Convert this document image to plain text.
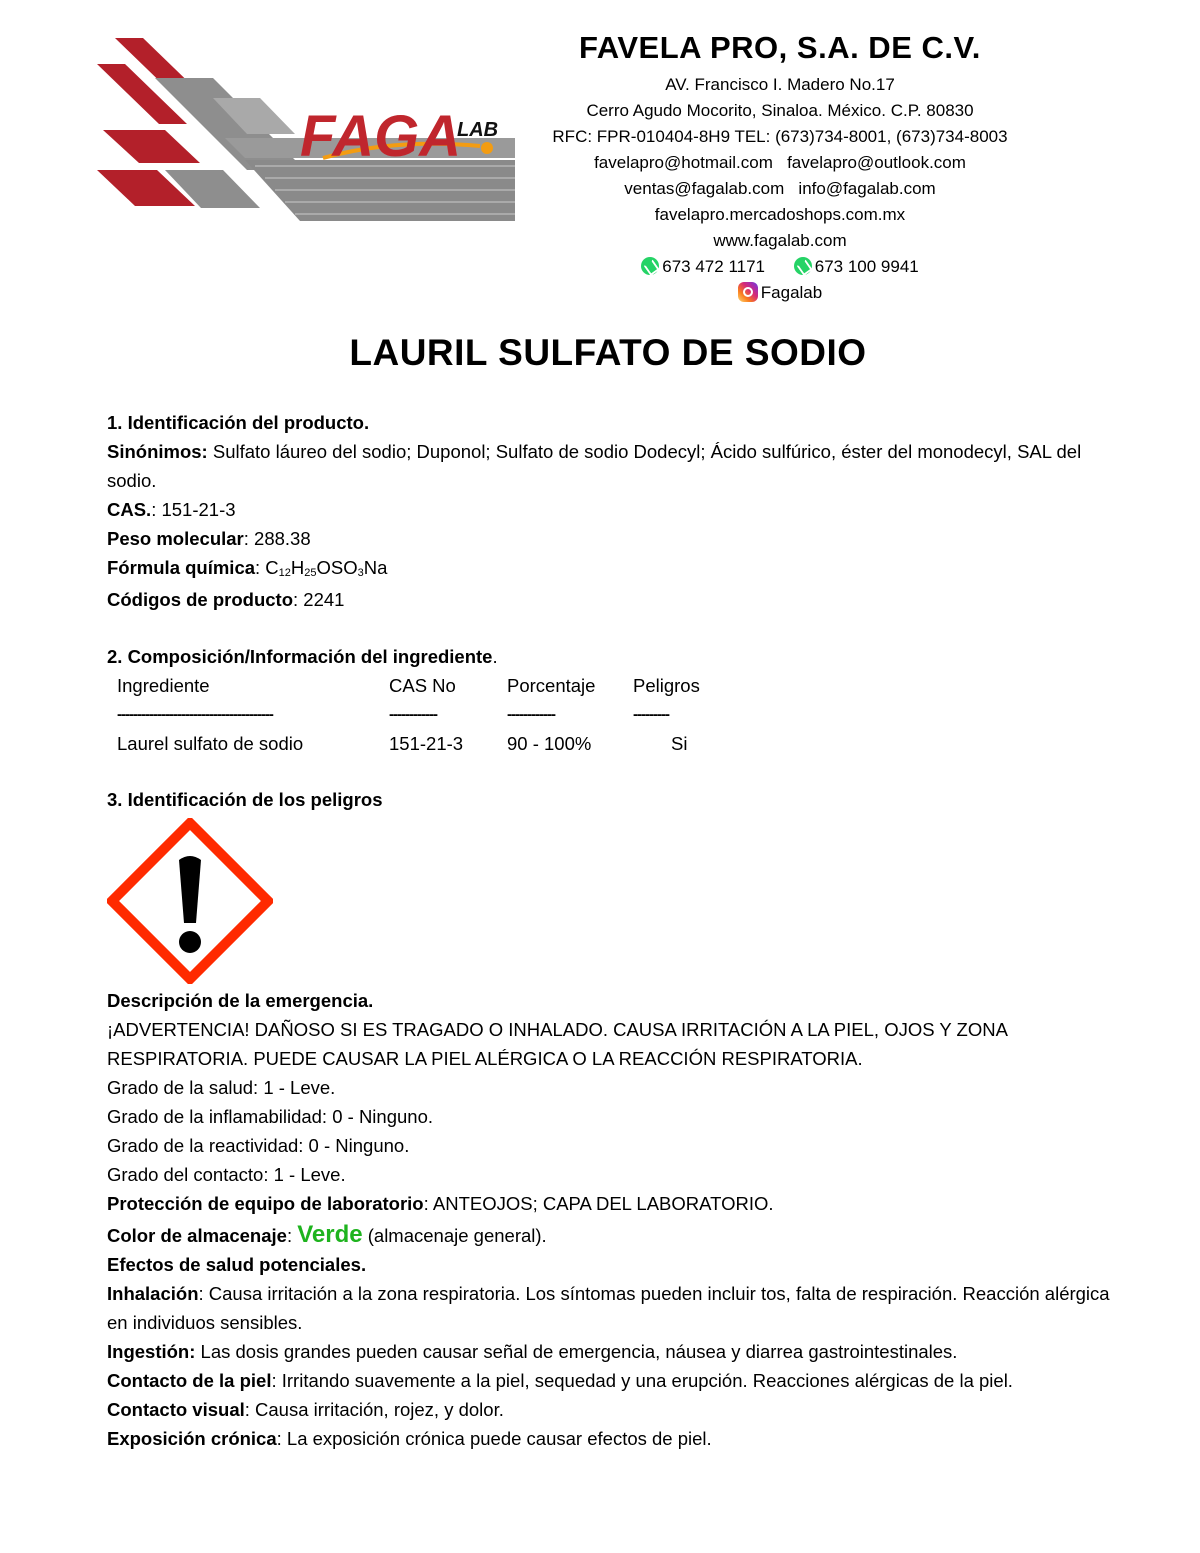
FAGA
LAB
FAVELA PRO, S.A. DE C.V.
AV. Francisco I. Madero No.17
Cerro Agudo Mocorito, Sinaloa. México. C.P. 80830
RFC: FPR-010404-8H9 TEL: (673)734-8001, (673)734-8003
favelapro@hotmail.com favelapro@outlook.com
ventas@fagalab.com info@fagalab.com
favelapro.mercadoshops.com.mx
www.fagalab.com
673 472 1171	673 100 9941
Fagalab
LAURIL SULFATO DE SODIO

1. Identificación del producto.

Sinónimos: Sulfato láureo del sodio; Duponol; Sulfato de sodio Dodecyl; Ácido sulfúrico, éster del monodecyl, SAL del sodio.

CAS.: 151-21-3

Peso molecular: 288.38

Fórmula química: $C_{12}H_{25}OSO_3Na$

Códigos de producto: 2241

2. Composición/Información del ingrediente.

Ingrediente	CAS No	Porcentaje	Peligros
---------------------------------------	------------	------------	---------
Laurel sulfato de sodio	151-21-3	90 - 100%	Si

3. Identificación de los peligros

Descripción de la emergencia.

¡ADVERTENCIA! DAÑOSO SI ES TRAGADO O INHALADO. CAUSA IRRITACIÓN A LA PIEL, OJOS Y ZONA RESPIRATORIA. PUEDE CAUSAR LA PIEL ALÉRGICA O LA REACCIÓN RESPIRATORIA.

Grado de la salud: 1 - Leve.

Grado de la inflamabilidad: 0 - Ninguno.

Grado de la reactividad: 0 - Ninguno.

Grado del contacto: 1 - Leve.

Protección de equipo de laboratorio: ANTEOJOS; CAPA DEL LABORATORIO.

Color de almacenaje: Verde (almacenaje general).

Efectos de salud potenciales.

Inhalación: Causa irritación a la zona respiratoria. Los síntomas pueden incluir tos, falta de respiración. Reacción alérgica en individuos sensibles.

Ingestión: Las dosis grandes pueden causar señal de emergencia, náusea y diarrea gastrointestinales.

Contacto de la piel: Irritando suavemente a la piel, sequedad y una erupción. Reacciones alérgicas de la piel.

Contacto visual: Causa irritación, rojez, y dolor.

Exposición crónica: La exposición crónica puede causar efectos de piel.
